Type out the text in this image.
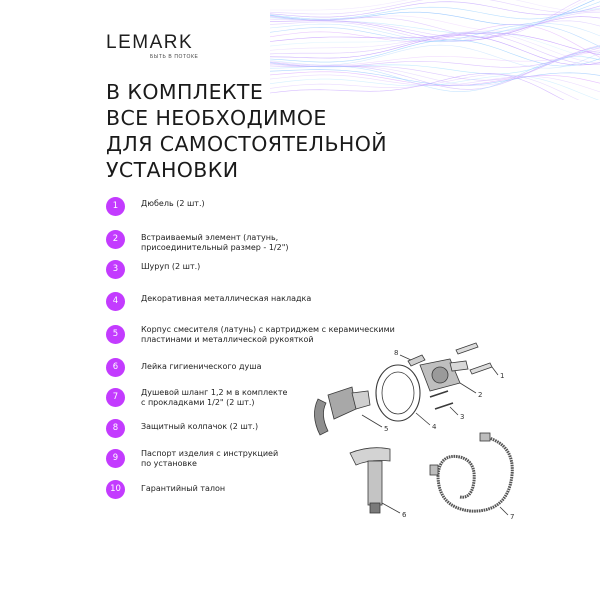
LEMARK
БЫТЬ В ПОТОКЕ
В КОМПЛЕКТЕ
ВСЕ НЕОБХОДИМОЕ
ДЛЯ САМОСТОЯТЕЛЬНОЙ
УСТАНОВКИ
1	Дюбель (2 шт.)
2	Встраиваемый элемент (латунь,
присоединительный размер - 1/2")
3	Шуруп (2 шт.)
4	Декоративная металлическая накладка
5	Корпус смесителя (латунь) с картриджем с керамическими
пластинами и металлической рукояткой
6	Лейка гигиенического душа
7	Душевой шланг 1,2 м в комплекте
с прокладками 1/2" (2 шт.)
8	Защитный колпачок (2 шт.)
9	Паспорт изделия с инструкцией
по установке
10	Гарантийный талон
8
1
2
3
4
5
6	7
